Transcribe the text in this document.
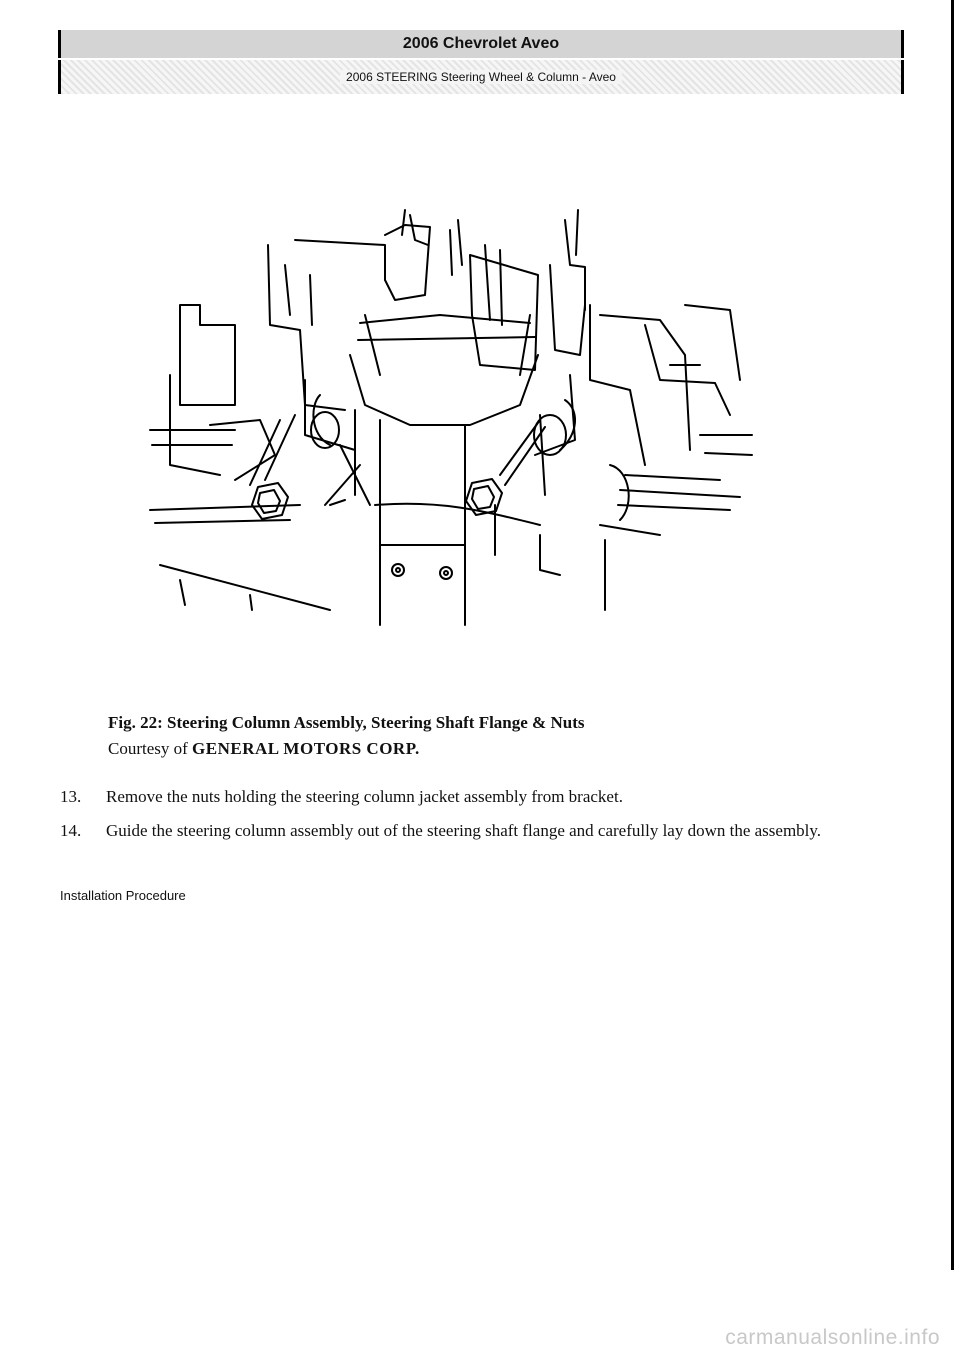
2006 Chevrolet Aveo
2006 STEERING Steering Wheel & Column - Aveo
Fig. 22: Steering Column Assembly, Steering Shaft Flange & Nuts
Courtesy of GENERAL MOTORS CORP.
13.	Remove the nuts holding the steering column jacket assembly from bracket.
14.	Guide the steering column assembly out of the steering shaft flange and carefully lay down the assembly.
Installation Procedure
carmanualsonline.info
